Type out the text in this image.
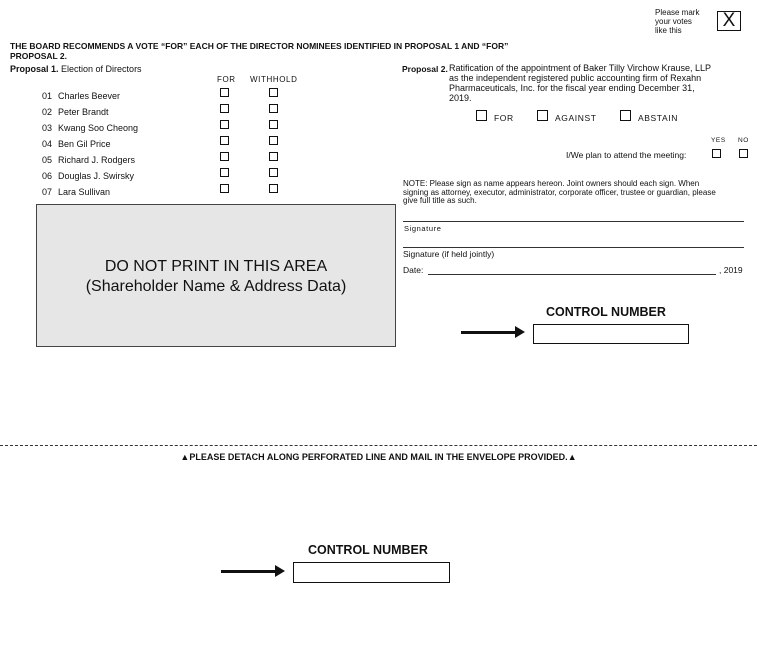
Please mark
your votes
like this	X
THE BOARD RECOMMENDS A VOTE “FOR” EACH OF THE DIRECTOR NOMINEES IDENTIFIED IN PROPOSAL 1 AND “FOR”
PROPOSAL 2.
Proposal 1. Election of Directors
FOR WITHHOLD
01 Charles Beever
02 Peter Brandt
03 Kwang Soo Cheong
04 Ben Gil Price
05 Richard J. Rodgers
06 Douglas J. Swirsky
07 Lara Sullivan
DO NOT PRINT IN THIS AREA
(Shareholder Name & Address Data)
Proposal 2. Ratification of the appointment of Baker Tilly Virchow Krause, LLP
as the independent registered public accounting firm of Rexahn
Pharmaceuticals, Inc. for the fiscal year ending December 31,
2019.
FOR	AGAINST	ABSTAIN
YES NO
I/We plan to attend the meeting:
NOTE: Please sign as name appears hereon. Joint owners should each sign. When
signing as attorney, executor, administrator, corporate officer, trustee or guardian, please
give full title as such.
Signature
Signature (if held jointly)
Date:	, 2019
CONTROL NUMBER
▲PLEASE DETACH ALONG PERFORATED LINE AND MAIL IN THE ENVELOPE PROVIDED.▲
CONTROL NUMBER
